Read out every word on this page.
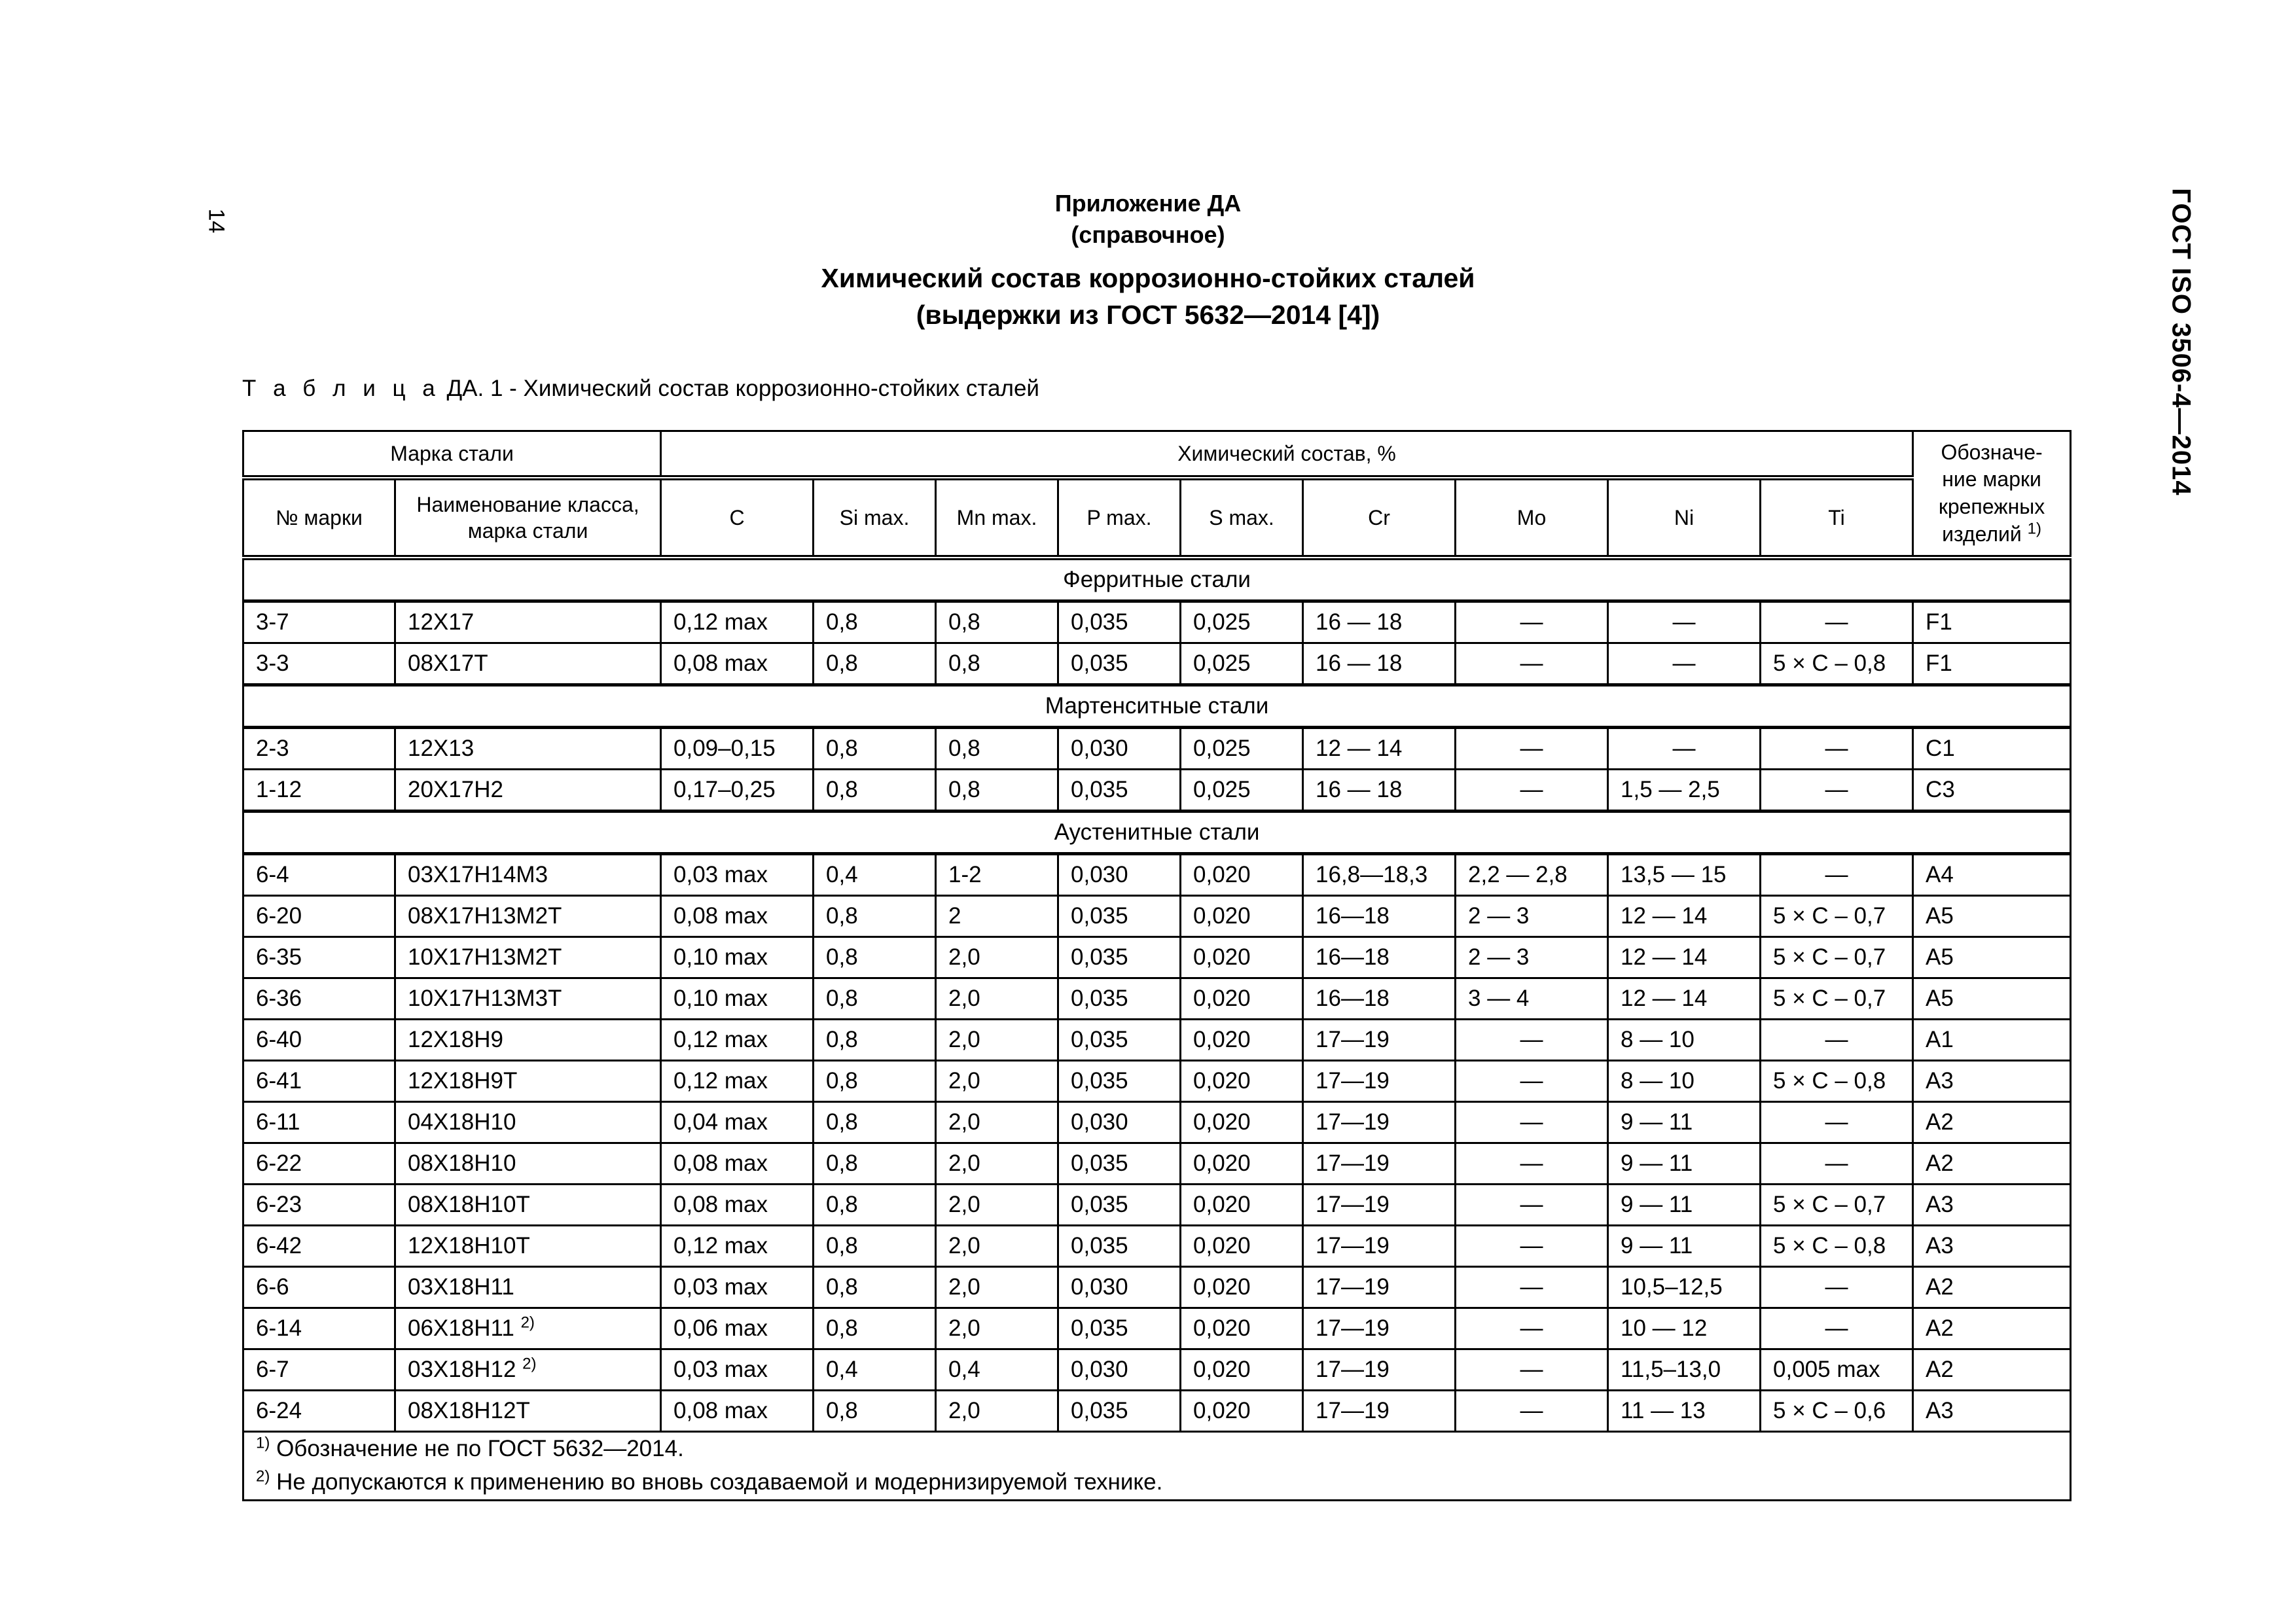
14	ГОСТ ISO 3506-4—2014
Приложение ДА
(справочное)
Химический состав коррозионно-стойких сталей
(выдержки из ГОСТ 5632—2014 [4])
Т а б л и ц а ДА. 1 - Химический состав коррозионно-стойких сталей
Марка стали		Химический состав, %									Обозначе-ние марки крепежных изделий $^{1)}$
№ марки	Наименование класса, марка стали	C	Si max.	Mn max.	P max.	S max.	Cr	Mo	Ni	Ti	
Ферритные стали											
3-7	12Х17	0,12 max	0,8	0,8	0,035	0,025	16 — 18	—	—	—	F1
3-3	08Х17Т	0,08 max	0,8	0,8	0,035	0,025	16 — 18	—	—	5 × C – 0,8	F1
Мартенситные стали											
2-3	12Х13	0,09–0,15	0,8	0,8	0,030	0,025	12 — 14	—	—	—	C1
1-12	20Х17Н2	0,17–0,25	0,8	0,8	0,035	0,025	16 — 18	—	1,5 — 2,5	—	C3
Аустенитные стали											
6-4	03Х17Н14М3	0,03 max	0,4	1-2	0,030	0,020	16,8—18,3	2,2 — 2,8	13,5 — 15	—	A4
6-20	08Х17Н13М2Т	0,08 max	0,8	2	0,035	0,020	16—18	2 — 3	12 — 14	5 × C – 0,7	A5
6-35	10Х17Н13М2Т	0,10 max	0,8	2,0	0,035	0,020	16—18	2 — 3	12 — 14	5 × C – 0,7	A5
6-36	10Х17Н13М3Т	0,10 max	0,8	2,0	0,035	0,020	16—18	3 — 4	12 — 14	5 × C – 0,7	A5
6-40	12Х18Н9	0,12 max	0,8	2,0	0,035	0,020	17—19	—	8 — 10	—	A1
6-41	12Х18Н9Т	0,12 max	0,8	2,0	0,035	0,020	17—19	—	8 — 10	5 × C – 0,8	A3
6-11	04Х18Н10	0,04 max	0,8	2,0	0,030	0,020	17—19	—	9 — 11	—	A2
6-22	08Х18Н10	0,08 max	0,8	2,0	0,035	0,020	17—19	—	9 — 11	—	A2
6-23	08Х18Н10Т	0,08 max	0,8	2,0	0,035	0,020	17—19	—	9 — 11	5 × C – 0,7	A3
6-42	12Х18Н10Т	0,12 max	0,8	2,0	0,035	0,020	17—19	—	9 — 11	5 × C – 0,8	A3
6-6	03Х18Н11	0,03 max	0,8	2,0	0,030	0,020	17—19	—	10,5–12,5	—	A2
6-14	06Х18Н11 $^{2)}$	0,06 max	0,8	2,0	0,035	0,020	17—19	—	10 — 12	—	A2
6-7	03Х18Н12 $^{2)}$	0,03 max	0,4	0,4	0,030	0,020	17—19	—	11,5–13,0	0,005 max	A2
6-24	08Х18Н12Т	0,08 max	0,8	2,0	0,035	0,020	17—19	—	11 — 13	5 × C – 0,6	A3

$^{1)}$ Обозначение не по ГОСТ 5632—2014.
$^{2)}$ Не допускаются к применению во вновь создаваемой и модернизируемой технике.											
